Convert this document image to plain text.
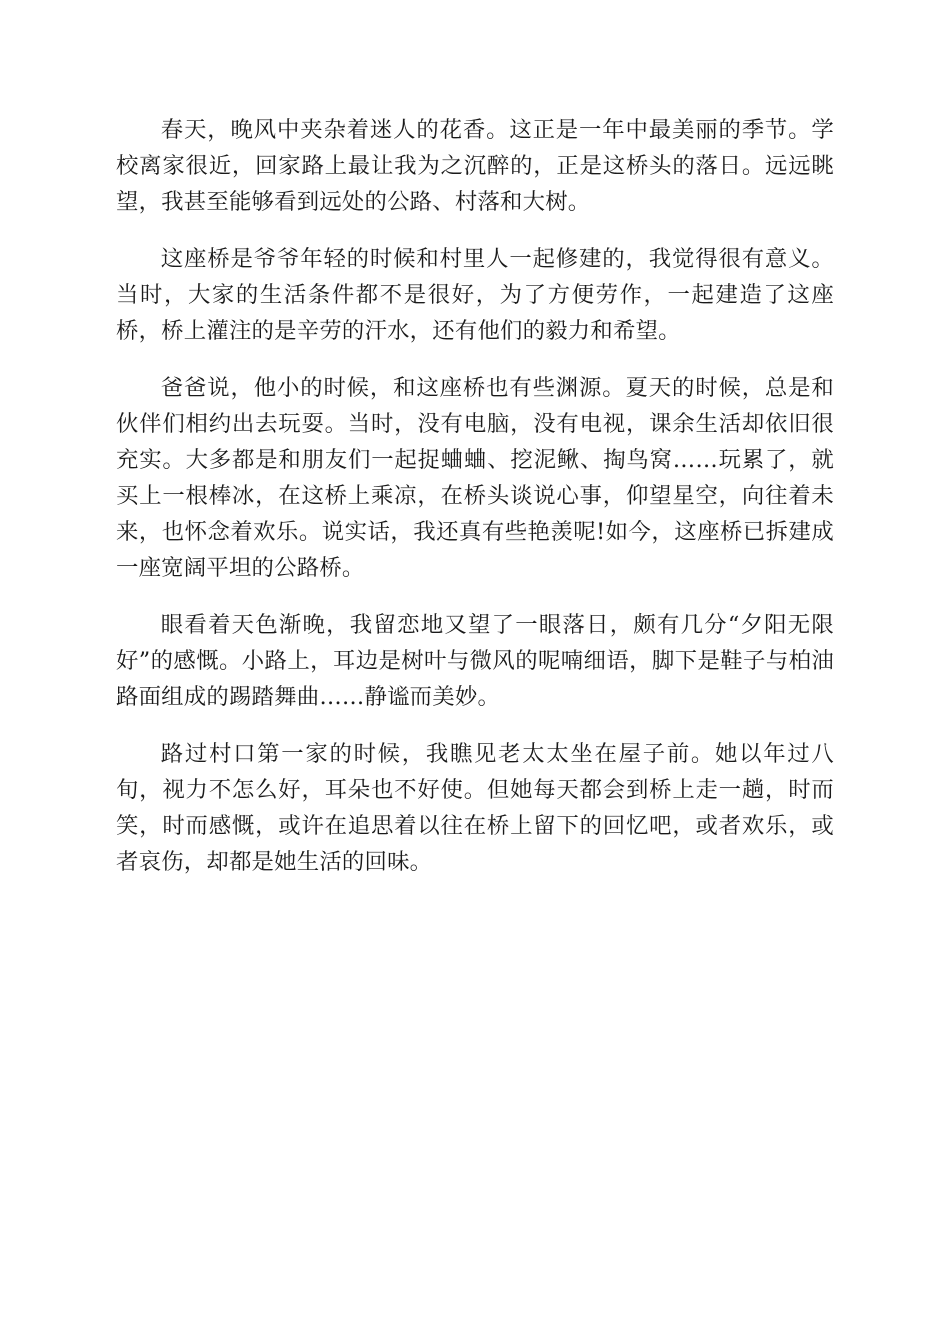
春天，晚风中夹杂着迷人的花香。这正是一年中最美丽的季节。学校离家很近，回家路上最让我为之沉醉的，正是这桥头的落日。远远眺望，我甚至能够看到远处的公路、村落和大树。

这座桥是爷爷年轻的时候和村里人一起修建的，我觉得很有意义。当时，大家的生活条件都不是很好，为了方便劳作，一起建造了这座桥，桥上灌注的是辛劳的汗水，还有他们的毅力和希望。

爸爸说，他小的时候，和这座桥也有些渊源。夏天的时候，总是和伙伴们相约出去玩耍。当时，没有电脑，没有电视，课余生活却依旧很充实。大多都是和朋友们一起捉蛐蛐、挖泥鳅、掏鸟窝……玩累了，就买上一根棒冰，在这桥上乘凉，在桥头谈说心事，仰望星空，向往着未来，也怀念着欢乐。说实话，我还真有些艳羡呢!如今，这座桥已拆建成一座宽阔平坦的公路桥。

眼看着天色渐晚，我留恋地又望了一眼落日，颇有几分“夕阳无限好”的感慨。小路上，耳边是树叶与微风的呢喃细语，脚下是鞋子与柏油路面组成的踢踏舞曲……静谧而美妙。

路过村口第一家的时候，我瞧见老太太坐在屋子前。她以年过八旬，视力不怎么好，耳朵也不好使。但她每天都会到桥上走一趟，时而笑，时而感慨，或许在追思着以往在桥上留下的回忆吧，或者欢乐，或者哀伤，却都是她生活的回味。
